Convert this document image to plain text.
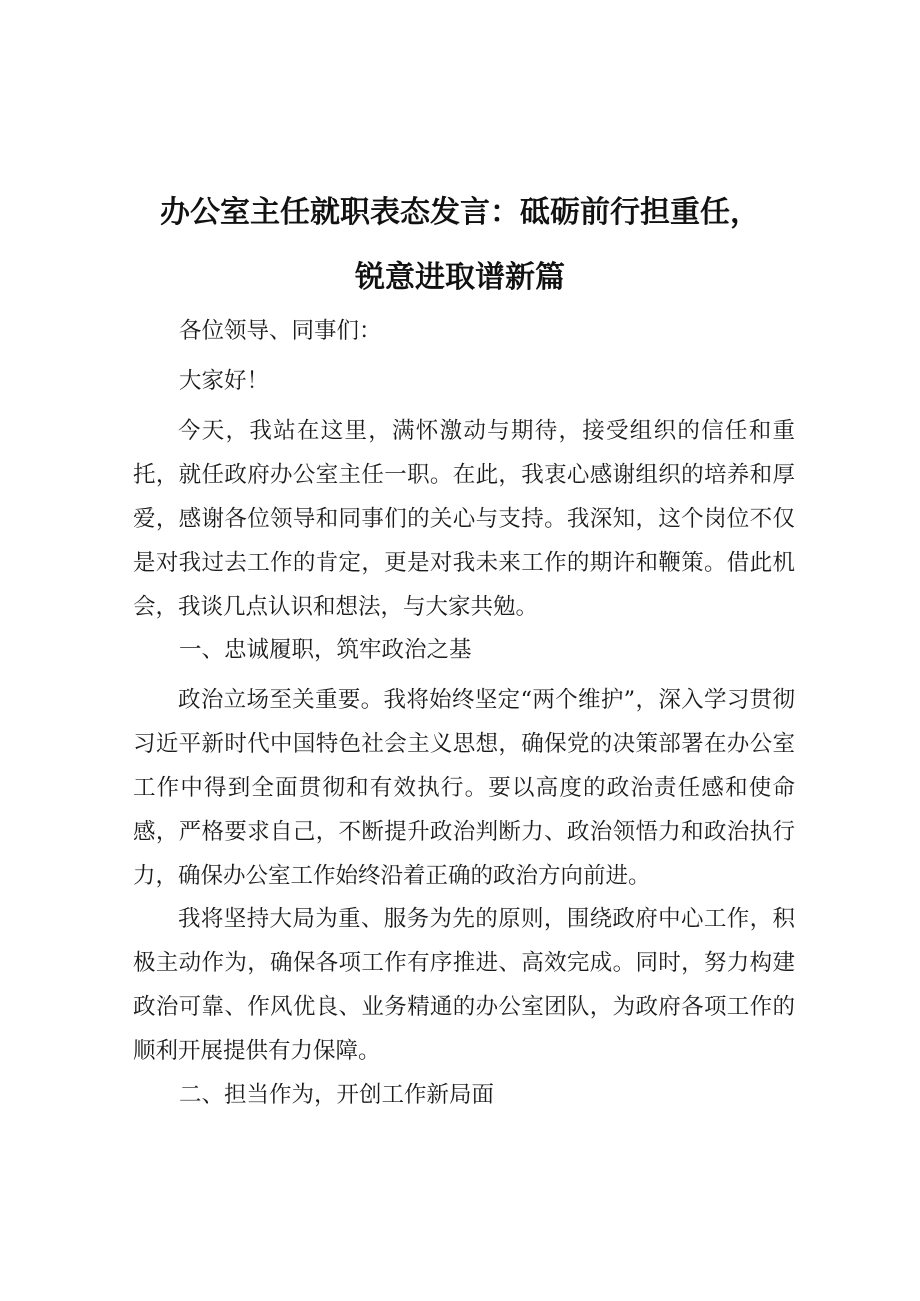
办公室主任就职表态发言：砥砺前行担重任，
锐意进取谱新篇

各位领导、同事们：

大家好！

今天，我站在这里，满怀激动与期待，接受组织的信任和重托，就任政府办公室主任一职。在此，我衷心感谢组织的培养和厚爱，感谢各位领导和同事们的关心与支持。我深知，这个岗位不仅是对我过去工作的肯定，更是对我未来工作的期许和鞭策。借此机会，我谈几点认识和想法，与大家共勉。

一、忠诚履职，筑牢政治之基

政治立场至关重要。我将始终坚定“两个维护”，深入学习贯彻习近平新时代中国特色社会主义思想，确保党的决策部署在办公室工作中得到全面贯彻和有效执行。要以高度的政治责任感和使命感，严格要求自己，不断提升政治判断力、政治领悟力和政治执行力，确保办公室工作始终沿着正确的政治方向前进。

我将坚持大局为重、服务为先的原则，围绕政府中心工作，积极主动作为，确保各项工作有序推进、高效完成。同时，努力构建政治可靠、作风优良、业务精通的办公室团队，为政府各项工作的顺利开展提供有力保障。

二、担当作为，开创工作新局面
